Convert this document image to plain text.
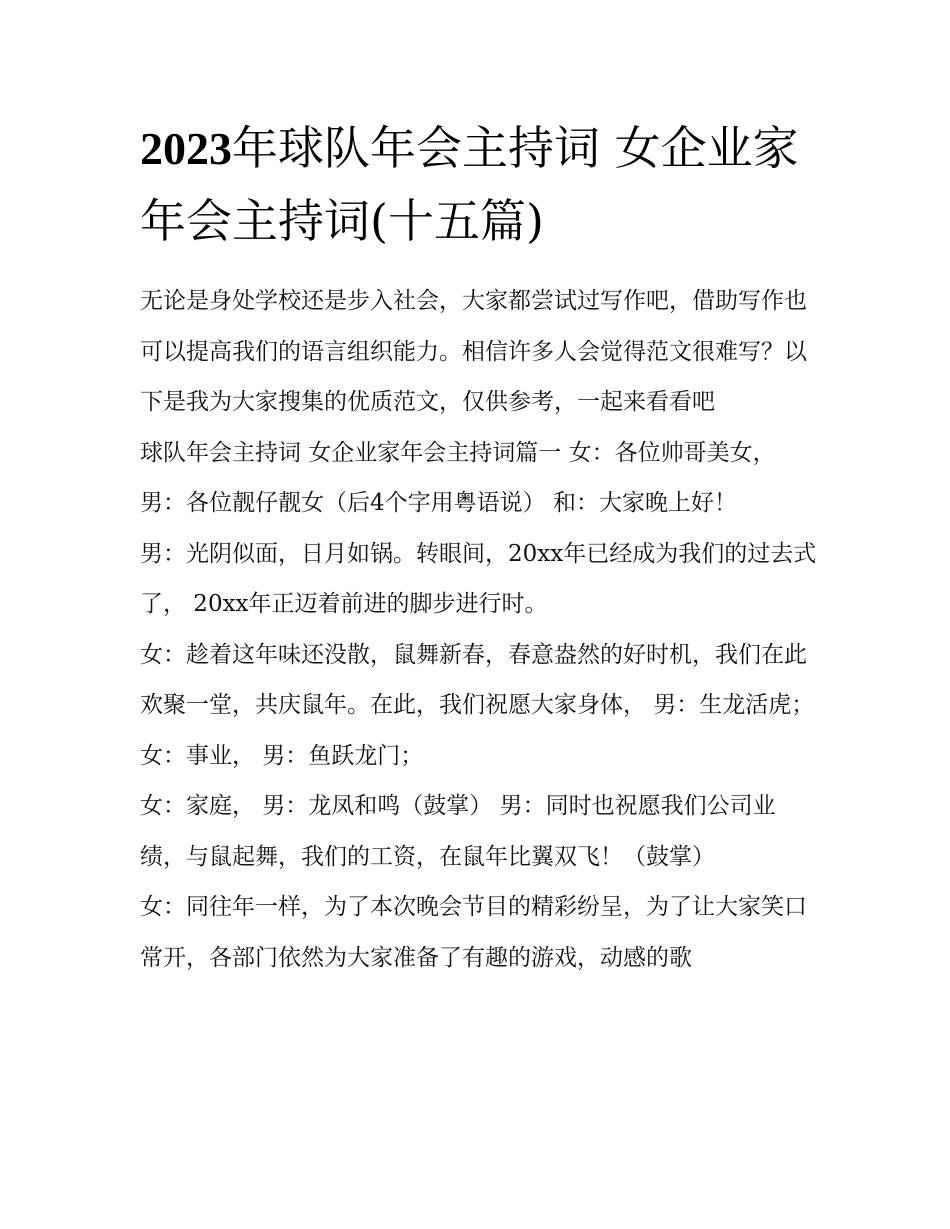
2023年球队年会主持词 女企业家年会主持词(十五篇)

无论是身处学校还是步入社会，大家都尝试过写作吧，借助写作也可以提高我们的语言组织能力。相信许多人会觉得范文很难写？以下是我为大家搜集的优质范文，仅供参考，一起来看看吧

球队年会主持词 女企业家年会主持词篇一 女：各位帅哥美女， 男：各位靓仔靓女（后4个字用粤语说） 和：大家晚上好！

男：光阴似面，日月如锅。转眼间，20xx年已经成为我们的过去式了， 20xx年正迈着前进的脚步进行时。

女：趁着这年味还没散，鼠舞新春，春意盎然的好时机，我们在此欢聚一堂，共庆鼠年。在此，我们祝愿大家身体， 男：生龙活虎； 女：事业， 男：鱼跃龙门；

女：家庭， 男：龙凤和鸣（鼓掌） 男：同时也祝愿我们公司业绩，与鼠起舞，我们的工资，在鼠年比翼双飞！（鼓掌）

女：同往年一样，为了本次晚会节目的精彩纷呈，为了让大家笑口常开，各部门依然为大家准备了有趣的游戏，动感的歌
